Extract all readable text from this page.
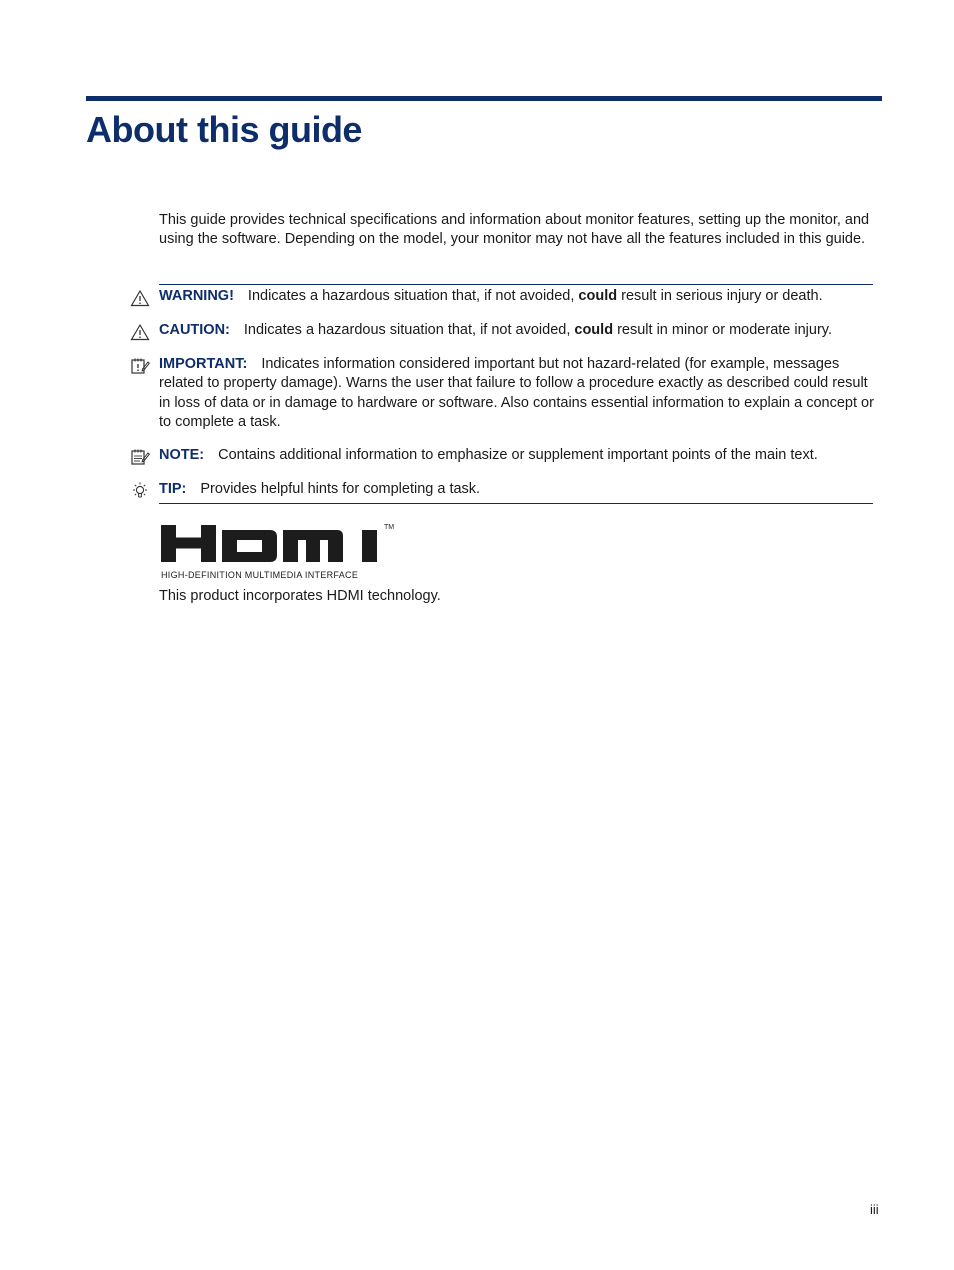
About this guide

This guide provides technical specifications and information about monitor features, setting up the monitor, and using the software. Depending on the model, your monitor may not have all the features included in this guide.

WARNING! Indicates a hazardous situation that, if not avoided, could result in serious injury or death.

CAUTION: Indicates a hazardous situation that, if not avoided, could result in minor or moderate injury.

IMPORTANT: Indicates information considered important but not hazard-related (for example, messages related to property damage). Warns the user that failure to follow a procedure exactly as described could result in loss of data or in damage to hardware or software. Also contains essential information to explain a concept or to complete a task.

NOTE: Contains additional information to emphasize or supplement important points of the main text.

TIP: Provides helpful hints for completing a task.

TM
HIGH-DEFINITION MULTIMEDIA INTERFACE

This product incorporates HDMI technology.

iii
